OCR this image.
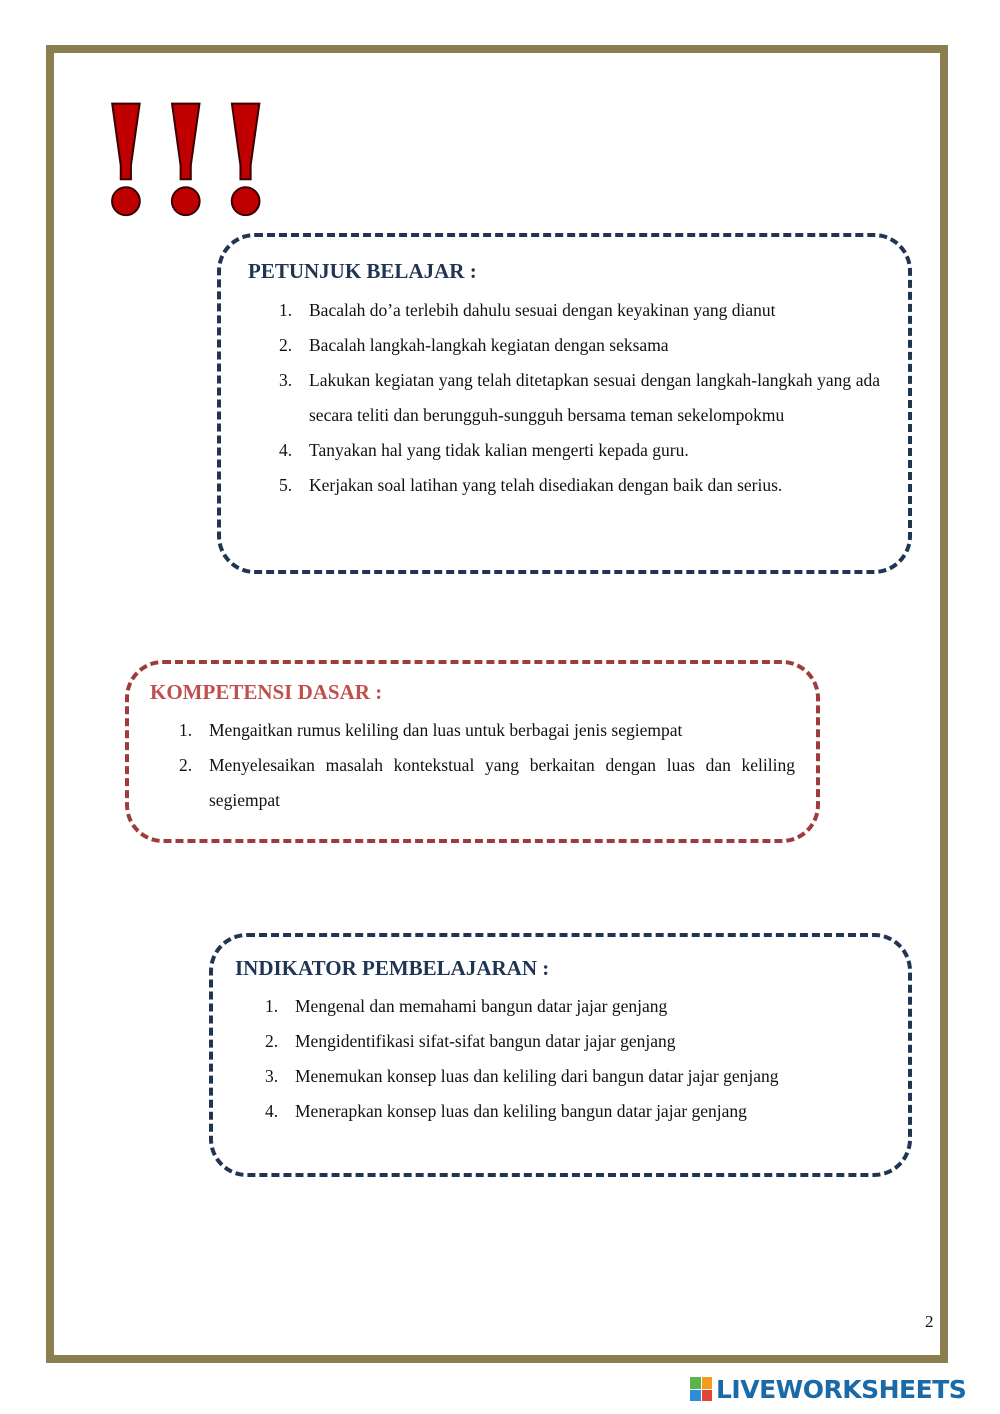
!!!
PETUNJUK BELAJAR :
1. Bacalah do’a terlebih dahulu sesuai dengan keyakinan yang dianut
2. Bacalah langkah-langkah kegiatan dengan seksama
3. Lakukan kegiatan yang telah ditetapkan sesuai dengan langkah-langkah yang ada secara teliti dan berungguh-sungguh bersama teman sekelompokmu
4. Tanyakan hal yang tidak kalian mengerti kepada guru.
5. Kerjakan soal latihan yang telah disediakan dengan baik dan serius.
KOMPETENSI DASAR :
1. Mengaitkan rumus keliling dan luas untuk berbagai jenis segiempat
2. Menyelesaikan masalah kontekstual yang berkaitan dengan luas dan keliling segiempat
INDIKATOR PEMBELAJARAN :
1. Mengenal dan memahami bangun datar jajar genjang
2. Mengidentifikasi sifat-sifat bangun datar jajar genjang
3. Menemukan konsep luas dan keliling dari bangun datar jajar genjang
4. Menerapkan konsep luas dan keliling bangun datar jajar genjang
2
LIVEWORKSHEETS
